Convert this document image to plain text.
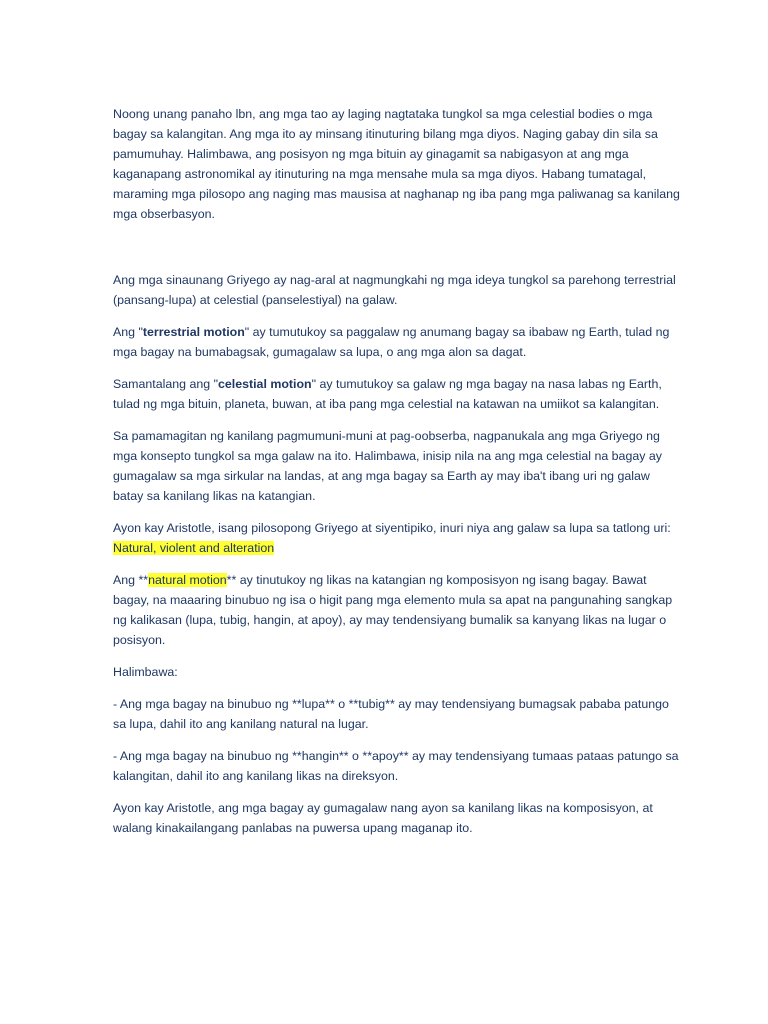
Noong unang panaho lbn, ang mga tao ay laging nagtataka tungkol sa mga celestial bodies o mga bagay sa kalangitan. Ang mga ito ay minsang itinuturing bilang mga diyos. Naging gabay din sila sa pamumuhay. Halimbawa, ang posisyon ng mga bituin ay ginagamit sa nabigasyon at ang mga kaganapang astronomikal ay itinuturing na mga mensahe mula sa mga diyos. Habang tumatagal, maraming mga pilosopo ang naging mas mausisa at naghanap ng iba pang mga paliwanag sa kanilang mga obserbasyon.

Ang mga sinaunang Griyego ay nag-aral at nagmungkahi ng mga ideya tungkol sa parehong terrestrial (pansang-lupa) at celestial (panselestiyal) na galaw.

Ang "terrestrial motion" ay tumutukoy sa paggalaw ng anumang bagay sa ibabaw ng Earth, tulad ng mga bagay na bumabagsak, gumagalaw sa lupa, o ang mga alon sa dagat.

Samantalang ang "celestial motion" ay tumutukoy sa galaw ng mga bagay na nasa labas ng Earth, tulad ng mga bituin, planeta, buwan, at iba pang mga celestial na katawan na umiikot sa kalangitan.

Sa pamamagitan ng kanilang pagmumuni-muni at pag-oobserba, nagpanukala ang mga Griyego ng mga konsepto tungkol sa mga galaw na ito. Halimbawa, inisip nila na ang mga celestial na bagay ay gumagalaw sa mga sirkular na landas, at ang mga bagay sa Earth ay may iba't ibang uri ng galaw batay sa kanilang likas na katangian.

Ayon kay Aristotle, isang pilosopong Griyego at siyentipiko, inuri niya ang galaw sa lupa sa tatlong uri: Natural, violent and alteration

Ang **natural motion** ay tinutukoy ng likas na katangian ng komposisyon ng isang bagay. Bawat bagay, na maaaring binubuo ng isa o higit pang mga elemento mula sa apat na pangunahing sangkap ng kalikasan (lupa, tubig, hangin, at apoy), ay may tendensiyang bumalik sa kanyang likas na lugar o posisyon.

Halimbawa:

- Ang mga bagay na binubuo ng **lupa** o **tubig** ay may tendensiyang bumagsak pababa patungo sa lupa, dahil ito ang kanilang natural na lugar.

- Ang mga bagay na binubuo ng **hangin** o **apoy** ay may tendensiyang tumaas pataas patungo sa kalangitan, dahil ito ang kanilang likas na direksyon.

Ayon kay Aristotle, ang mga bagay ay gumagalaw nang ayon sa kanilang likas na komposisyon, at walang kinakailangang panlabas na puwersa upang maganap ito.
